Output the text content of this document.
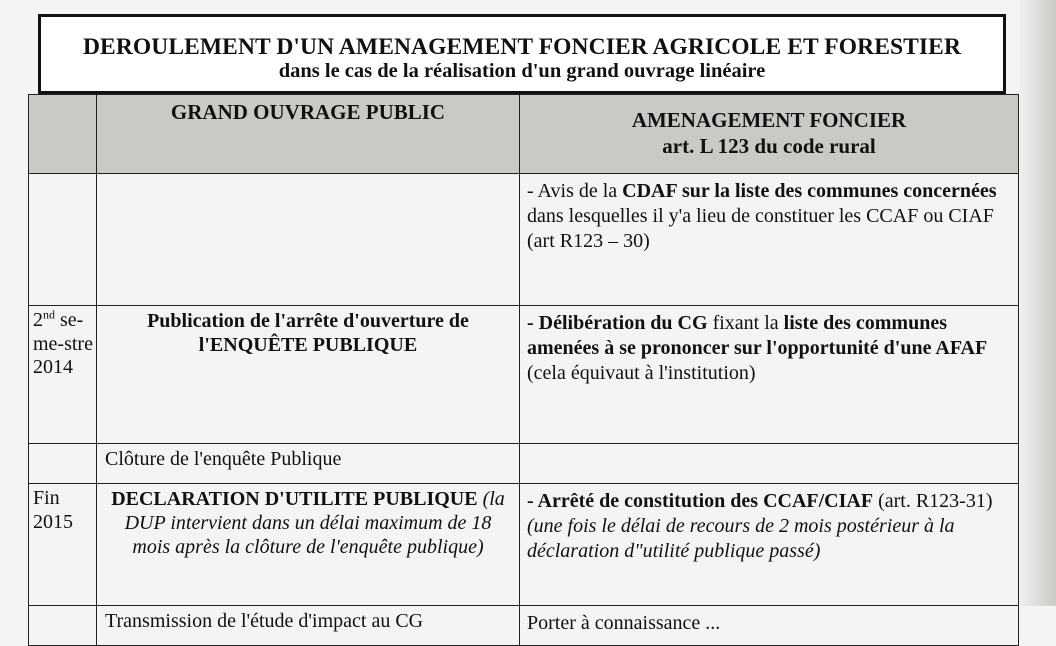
DEROULEMENT D'UN AMENAGEMENT FONCIER AGRICOLE ET FORESTIER
dans le cas de la réalisation d'un grand ouvrage linéaire
	GRAND OUVRAGE PUBLIC	AMENAGEMENT FONCIER
art. L 123 du code rural
		- Avis de la CDAF sur la liste des communes concernées dans lesquelles il y'a lieu de constituer les CCAF ou CIAF (art R123 – 30)
2nd se-me-stre 2014	Publication de l'arrête d'ouverture de l'ENQUÊTE PUBLIQUE	- Délibération du CG fixant la liste des communes amenées à se prononcer sur l'opportunité d'une AFAF (cela équivaut à l'institution)
	Clôture de l'enquête Publique	
Fin 2015	DECLARATION D'UTILITE PUBLIQUE (la DUP intervient dans un délai maximum de 18 mois après la clôture de l'enquête publique)	- Arrêté de constitution des CCAF/CIAF (art. R123-31) (une fois le délai de recours de 2 mois postérieur à la déclaration d"utilité publique passé)
	Transmission de l'étude d'impact au CG	Porter à connaissance ...
